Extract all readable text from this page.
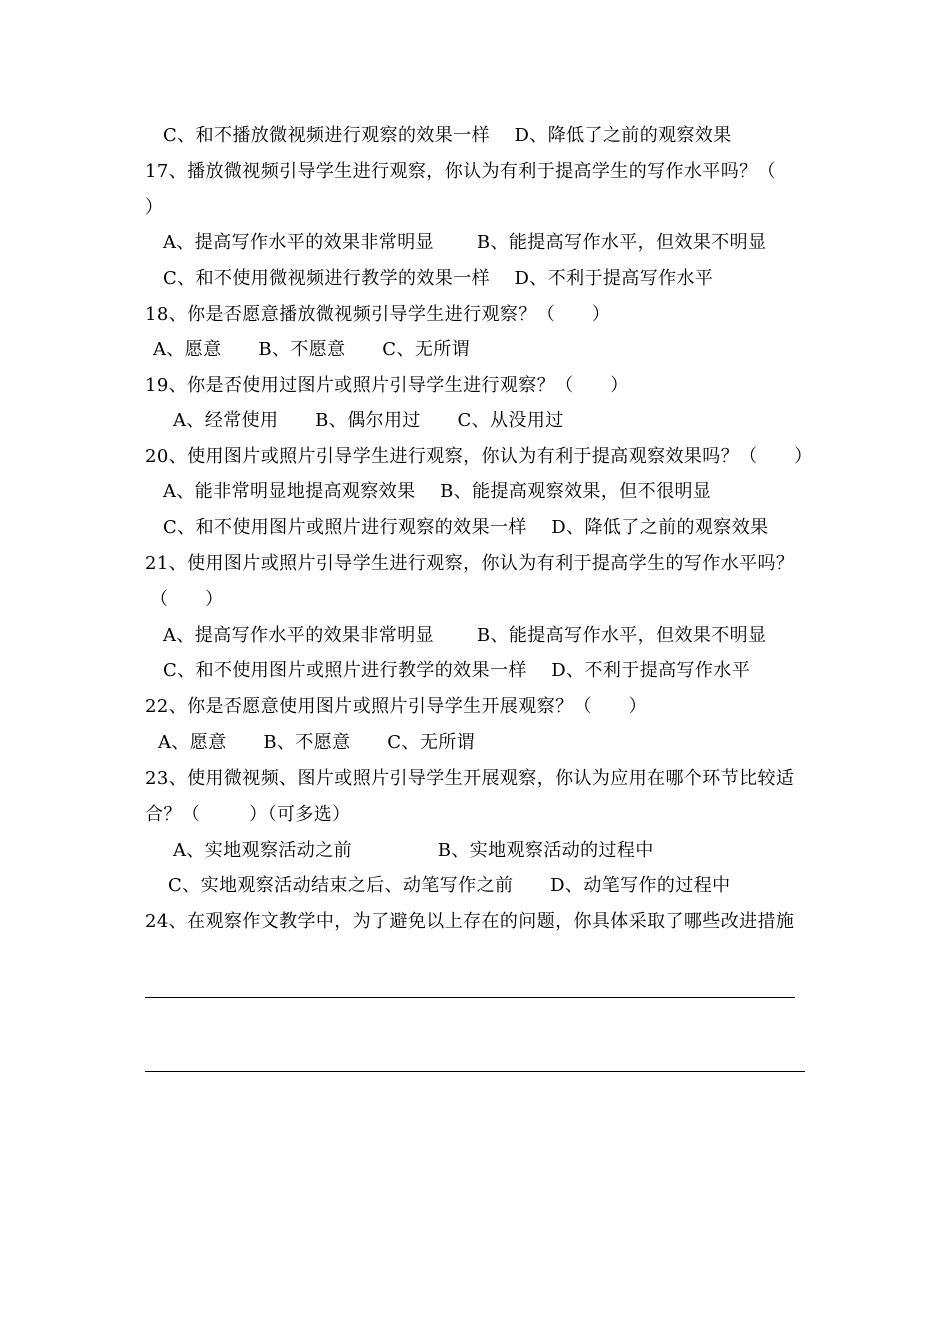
C、和不播放微视频进行观察的效果一样    D、降低了之前的观察效果
17、播放微视频引导学生进行观察，你认为有利于提高学生的写作水平吗？（
）
A、提高写作水平的效果非常明显       B、能提高写作水平，但效果不明显
C、和不使用微视频进行教学的效果一样    D、不利于提高写作水平
18、你是否愿意播放微视频引导学生进行观察？（      ）
A、愿意      B、不愿意      C、无所谓
19、你是否使用过图片或照片引导学生进行观察？（      ）
A、经常使用      B、偶尔用过      C、从没用过
20、使用图片或照片引导学生进行观察，你认为有利于提高观察效果吗？（      ）
A、能非常明显地提高观察效果    B、能提高观察效果，但不很明显
C、和不使用图片或照片进行观察的效果一样    D、降低了之前的观察效果
21、使用图片或照片引导学生进行观察，你认为有利于提高学生的写作水平吗？
（      ）
A、提高写作水平的效果非常明显       B、能提高写作水平，但效果不明显
C、和不使用图片或照片进行教学的效果一样    D、不利于提高写作水平
22、你是否愿意使用图片或照片引导学生开展观察？（      ）
A、愿意      B、不愿意      C、无所谓
23、使用微视频、图片或照片引导学生开展观察，你认为应用在哪个环节比较适
合？（        ）（可多选）
A、实地观察活动之前              B、实地观察活动的过程中
C、实地观察活动结束之后、动笔写作之前      D、动笔写作的过程中
24、在观察作文教学中，为了避免以上存在的问题，你具体采取了哪些改进措施
